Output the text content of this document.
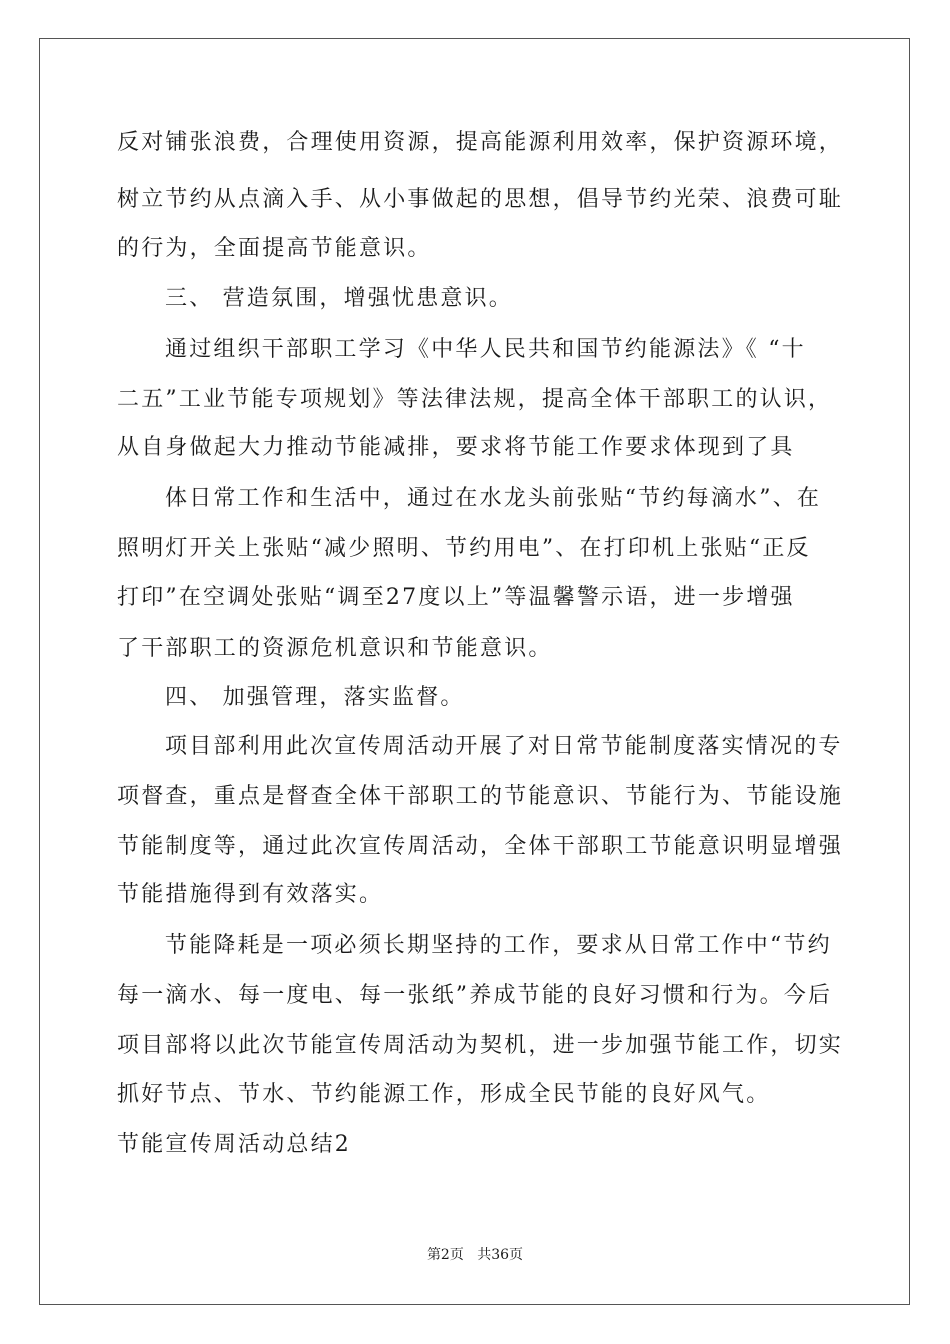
反对铺张浪费，合理使用资源，提高能源利用效率，保护资源环境，
树立节约从点滴入手、从小事做起的思想，倡导节约光荣、浪费可耻
的行为，全面提高节能意识。
三、 营造氛围，增强忧患意识。
通过组织干部职工学习《中华人民共和国节约能源法》《 “十
二五”工业节能专项规划》等法律法规，提高全体干部职工的认识，
从自身做起大力推动节能减排，要求将节能工作要求体现到了具
体日常工作和生活中，通过在水龙头前张贴“节约每滴水”、在
照明灯开关上张贴“减少照明、节约用电”、在打印机上张贴“正反
打印”在空调处张贴“调至27度以上”等温馨警示语，进一步增强
了干部职工的资源危机意识和节能意识。
四、 加强管理，落实监督。
项目部利用此次宣传周活动开展了对日常节能制度落实情况的专
项督查，重点是督查全体干部职工的节能意识、节能行为、节能设施
节能制度等，通过此次宣传周活动，全体干部职工节能意识明显增强
节能措施得到有效落实。
节能降耗是一项必须长期坚持的工作，要求从日常工作中“节约
每一滴水、每一度电、每一张纸”养成节能的良好习惯和行为。今后
项目部将以此次节能宣传周活动为契机，进一步加强节能工作，切实
抓好节点、节水、节约能源工作，形成全民节能的良好风气。
节能宣传周活动总结2
第2页 共36页
